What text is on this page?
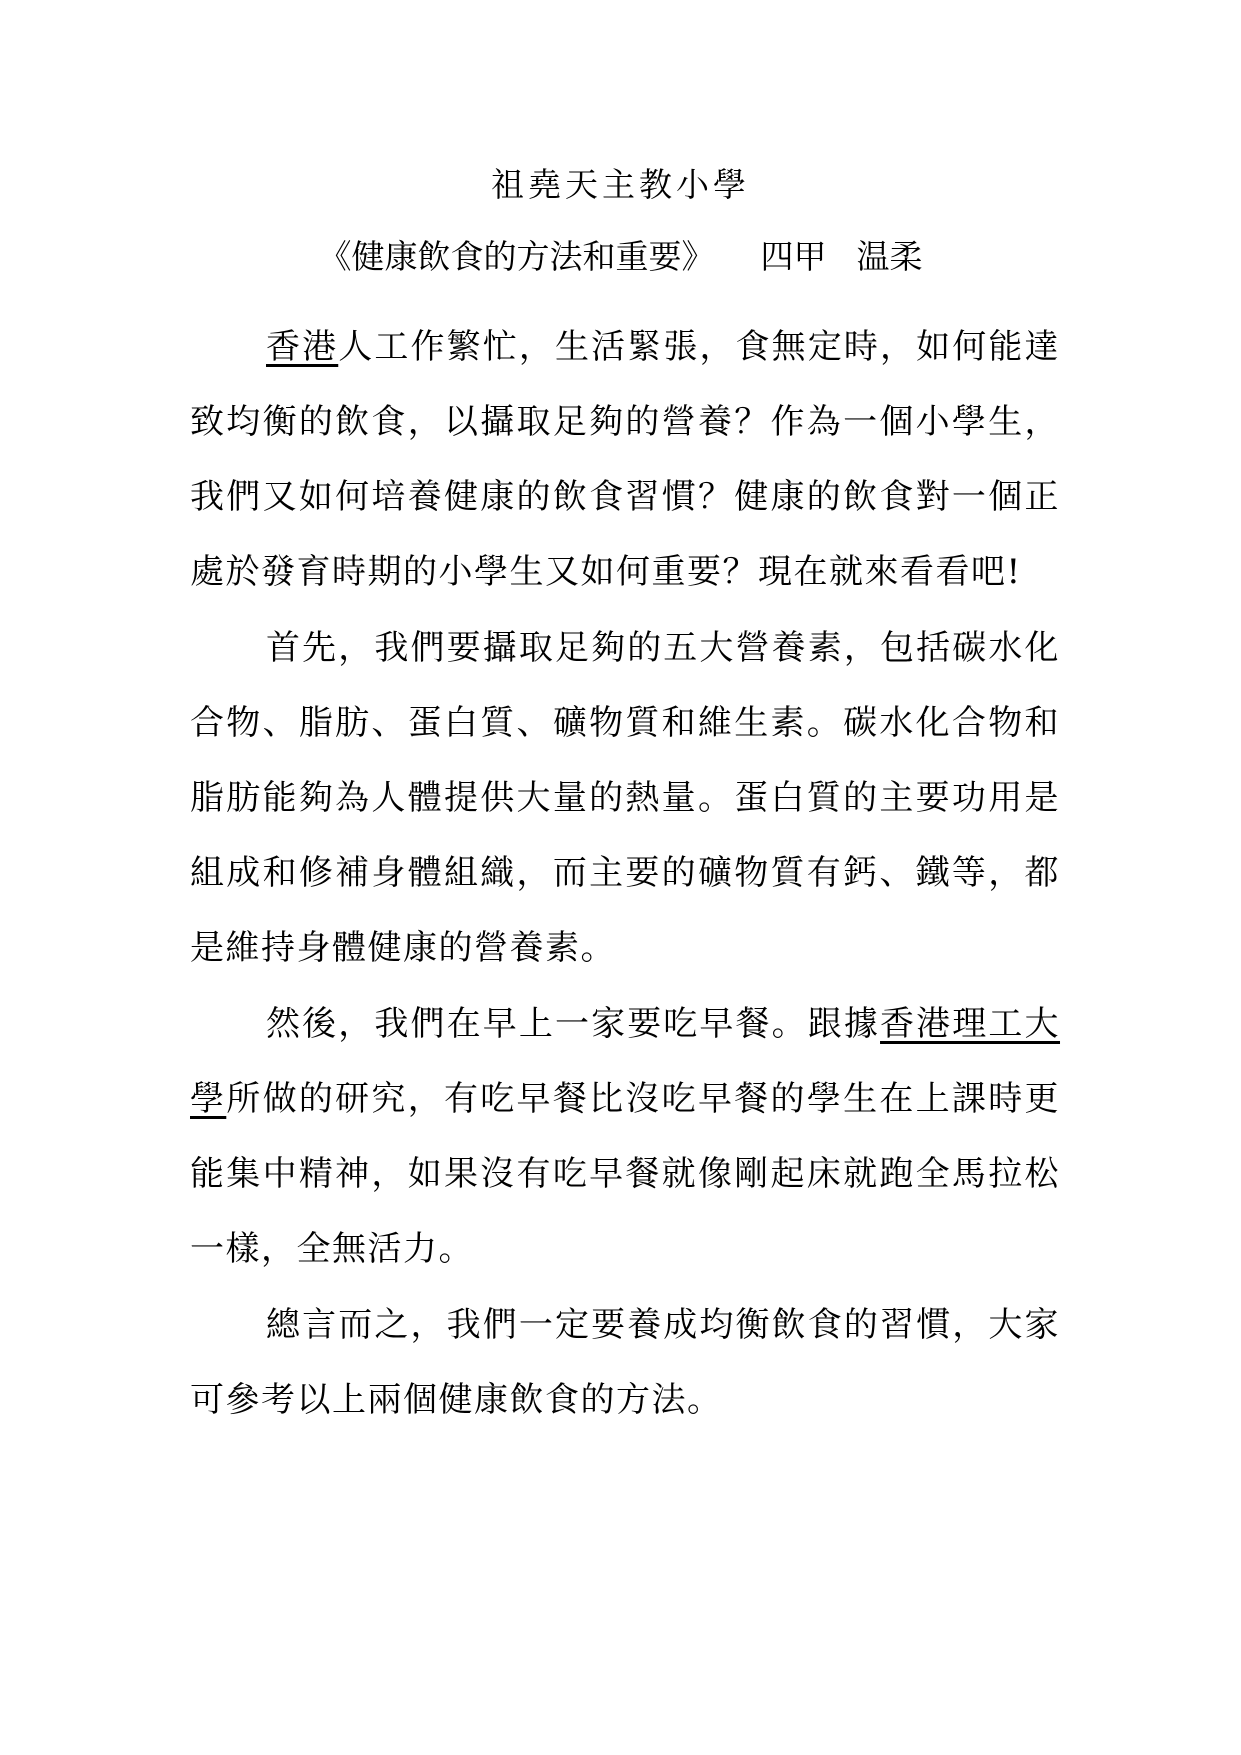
祖堯天主教小學
《健康飲食的方法和重要》 四甲 温柔

香港人工作繁忙，生活緊張，食無定時，如何能達致均衡的飲食，以攝取足夠的營養？作為一個小學生，我們又如何培養健康的飲食習慣？健康的飲食對一個正處於發育時期的小學生又如何重要？現在就來看看吧!

首先，我們要攝取足夠的五大營養素，包括碳水化合物、脂肪、蛋白質、礦物質和維生素。碳水化合物和脂肪能夠為人體提供大量的熱量。蛋白質的主要功用是組成和修補身體組織，而主要的礦物質有鈣、鐵等，都是維持身體健康的營養素。

然後，我們在早上一家要吃早餐。跟據香港理工大學所做的研究，有吃早餐比沒吃早餐的學生在上課時更能集中精神，如果沒有吃早餐就像剛起床就跑全馬拉松一樣，全無活力。

總言而之，我們一定要養成均衡飲食的習慣，大家可參考以上兩個健康飲食的方法。
